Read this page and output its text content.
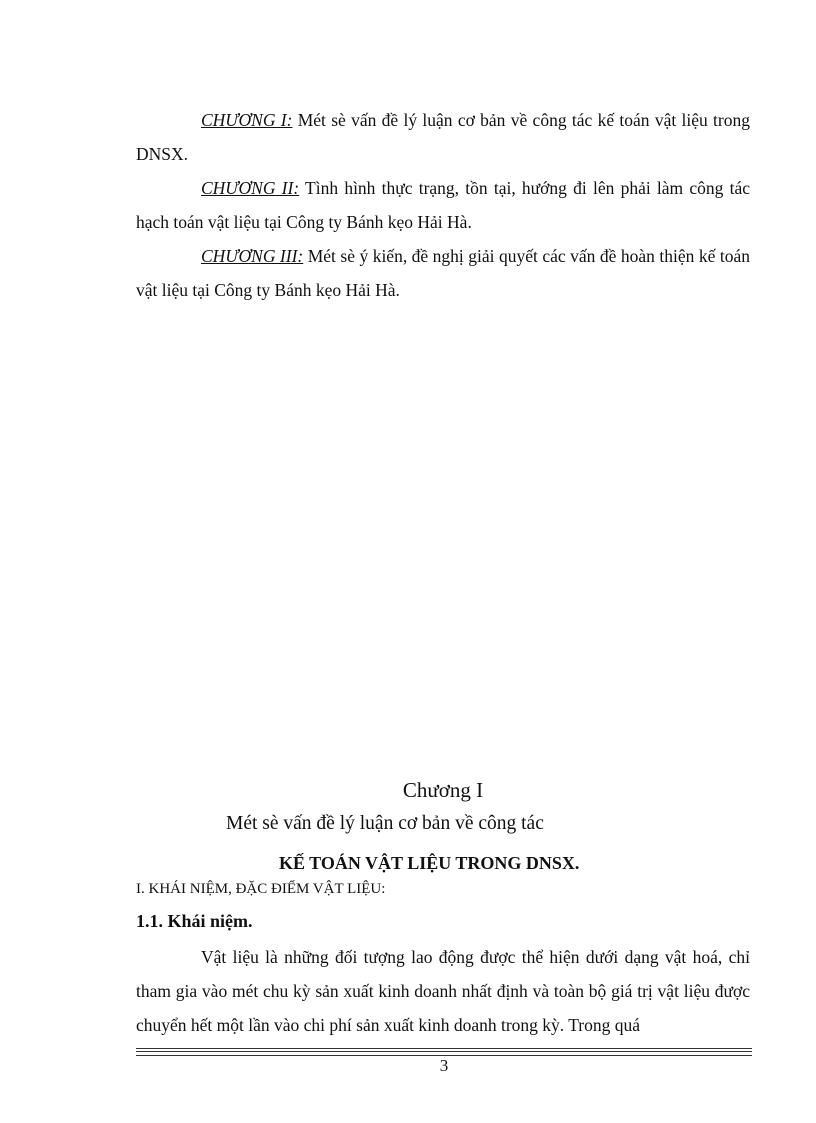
CHƯƠNG I: Mét sè vấn đề lý luận cơ bản về công tác kế toán vật liệu trong DNSX.
CHƯƠNG II: Tình hình thực trạng, tồn tại, hướng đi lên phải làm công tác hạch toán vật liệu tại Công ty Bánh kẹo Hải Hà.
CHƯƠNG III: Mét sè ý kiến, đề nghị giải quyết các vấn đề hoàn thiện kế toán vật liệu tại Công ty Bánh kẹo Hải Hà.
Chương I
Mét sè vấn đề lý luận cơ bản về công tác
KẾ TOÁN VẬT LIỆU TRONG DNSX.
I. KHÁI NIỆM, ĐẶC ĐIỂM VẬT LIỆU:
1.1. Khái niệm.
Vật liệu là những đối tượng lao động được thể hiện dưới dạng vật hoá, chỉ tham gia vào mét chu kỳ sản xuất kinh doanh nhất định và toàn bộ giá trị vật liệu được chuyển hết một lần vào chi phí sản xuất kinh doanh trong kỳ. Trong quá
3
